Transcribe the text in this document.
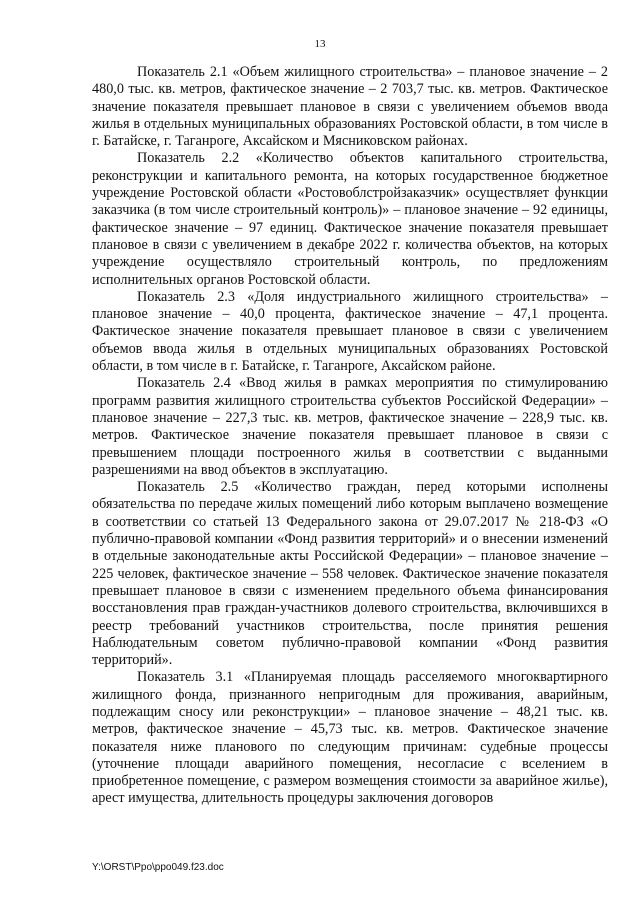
13

Показатель 2.1 «Объем жилищного строительства» – плановое значение – 2 480,0 тыс. кв. метров, фактическое значение – 2 703,7 тыс. кв. метров. Фактическое значение показателя превышает плановое в связи с увеличением объемов ввода жилья в отдельных муниципальных образованиях Ростовской области, в том числе в г. Батайске, г. Таганроге, Аксайском и Мясниковском районах.

Показатель 2.2 «Количество объектов капитального строительства, реконструкции и капитального ремонта, на которых государственное бюджетное учреждение Ростовской области «Ростовоблстройзаказчик» осуществляет функции заказчика (в том числе строительный контроль)» – плановое значение – 92 единицы, фактическое значение – 97 единиц. Фактическое значение показателя превышает плановое в связи с увеличением в декабре 2022 г. количества объектов, на которых учреждение осуществляло строительный контроль, по предложениям исполнительных органов Ростовской области.

Показатель 2.3 «Доля индустриального жилищного строительства» – плановое значение – 40,0 процента, фактическое значение – 47,1 процента. Фактическое значение показателя превышает плановое в связи с увеличением объемов ввода жилья в отдельных муниципальных образованиях Ростовской области, в том числе в г. Батайске, г. Таганроге, Аксайском районе.

Показатель 2.4 «Ввод жилья в рамках мероприятия по стимулированию программ развития жилищного строительства субъектов Российской Федерации» – плановое значение – 227,3 тыс. кв. метров, фактическое значение – 228,9 тыс. кв. метров. Фактическое значение показателя превышает плановое в связи с превышением площади построенного жилья в соответствии с выданными разрешениями на ввод объектов в эксплуатацию.

Показатель 2.5 «Количество граждан, перед которыми исполнены обязательства по передаче жилых помещений либо которым выплачено возмещение в соответствии со статьей 13 Федерального закона от 29.07.2017 № 218-ФЗ «О публично-правовой компании «Фонд развития территорий» и о внесении изменений в отдельные законодательные акты Российской Федерации» – плановое значение – 225 человек, фактическое значение – 558 человек. Фактическое значение показателя превышает плановое в связи с изменением предельного объема финансирования восстановления прав граждан-участников долевого строительства, включившихся в реестр требований участников строительства, после принятия решения Наблюдательным советом публично-правовой компании «Фонд развития территорий».

Показатель 3.1 «Планируемая площадь расселяемого многоквартирного жилищного фонда, признанного непригодным для проживания, аварийным, подлежащим сносу или реконструкции» – плановое значение – 48,21 тыс. кв. метров, фактическое значение – 45,73 тыс. кв. метров. Фактическое значение показателя ниже планового по следующим причинам: судебные процессы (уточнение площади аварийного помещения, несогласие с вселением в приобретенное помещение, с размером возмещения стоимости за аварийное жилье), арест имущества, длительность процедуры заключения договоров

Y:\ORST\Ppo\ppo049.f23.doc
